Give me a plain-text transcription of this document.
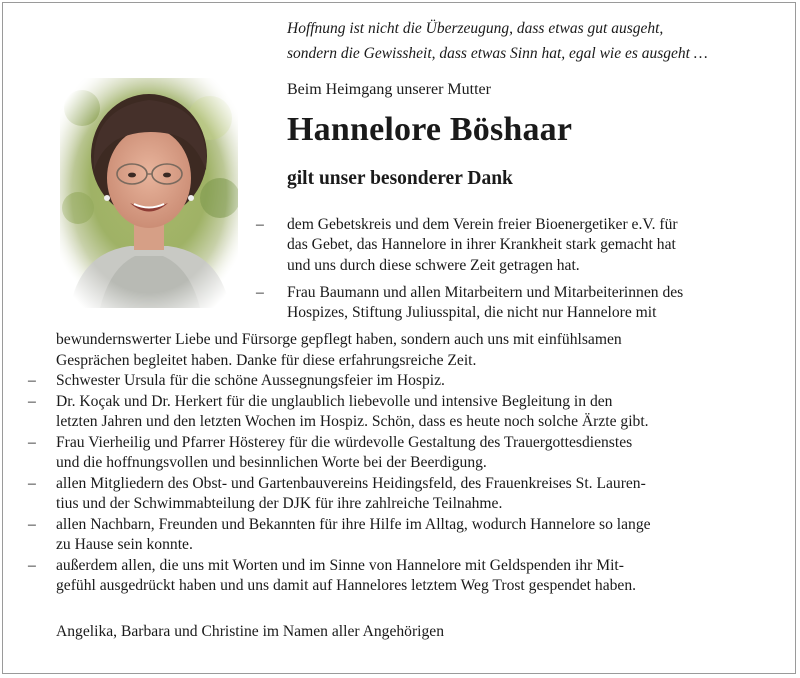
Hoffnung ist nicht die Überzeugung, dass etwas gut ausgeht,
sondern die Gewissheit, dass etwas Sinn hat, egal wie es ausgeht …
Beim Heimgang unserer Mutter
Hannelore Böshaar
gilt unser besonderer Dank
– dem Gebetskreis und dem Verein freier Bioenergetiker e.V. für
das Gebet, das Hannelore in ihrer Krankheit stark gemacht hat
und uns durch diese schwere Zeit getragen hat.
– Frau Baumann und allen Mitarbeitern und Mitarbeiterinnen des
Hospizes, Stiftung Juliusspital, die nicht nur Hannelore mit
bewundernswerter Liebe und Fürsorge gepflegt haben, sondern auch uns mit einfühlsamen
Gesprächen begleitet haben. Danke für diese erfahrungsreiche Zeit.
– Schwester Ursula für die schöne Aussegnungsfeier im Hospiz.
– Dr. Koçak und Dr. Herkert für die unglaublich liebevolle und intensive Begleitung in den
letzten Jahren und den letzten Wochen im Hospiz. Schön, dass es heute noch solche Ärzte gibt.
– Frau Vierheilig und Pfarrer Hösterey für die würdevolle Gestaltung des Trauergottesdienstes
und die hoffnungsvollen und besinnlichen Worte bei der Beerdigung.
– allen Mitgliedern des Obst- und Gartenbauvereins Heidingsfeld, des Frauenkreises St. Lauren-
tius und der Schwimmabteilung der DJK für ihre zahlreiche Teilnahme.
– allen Nachbarn, Freunden und Bekannten für ihre Hilfe im Alltag, wodurch Hannelore so lange
zu Hause sein konnte.
– außerdem allen, die uns mit Worten und im Sinne von Hannelore mit Geldspenden ihr Mit-
gefühl ausgedrückt haben und uns damit auf Hannelores letztem Weg Trost gespendet haben.
Angelika, Barbara und Christine im Namen aller Angehörigen
